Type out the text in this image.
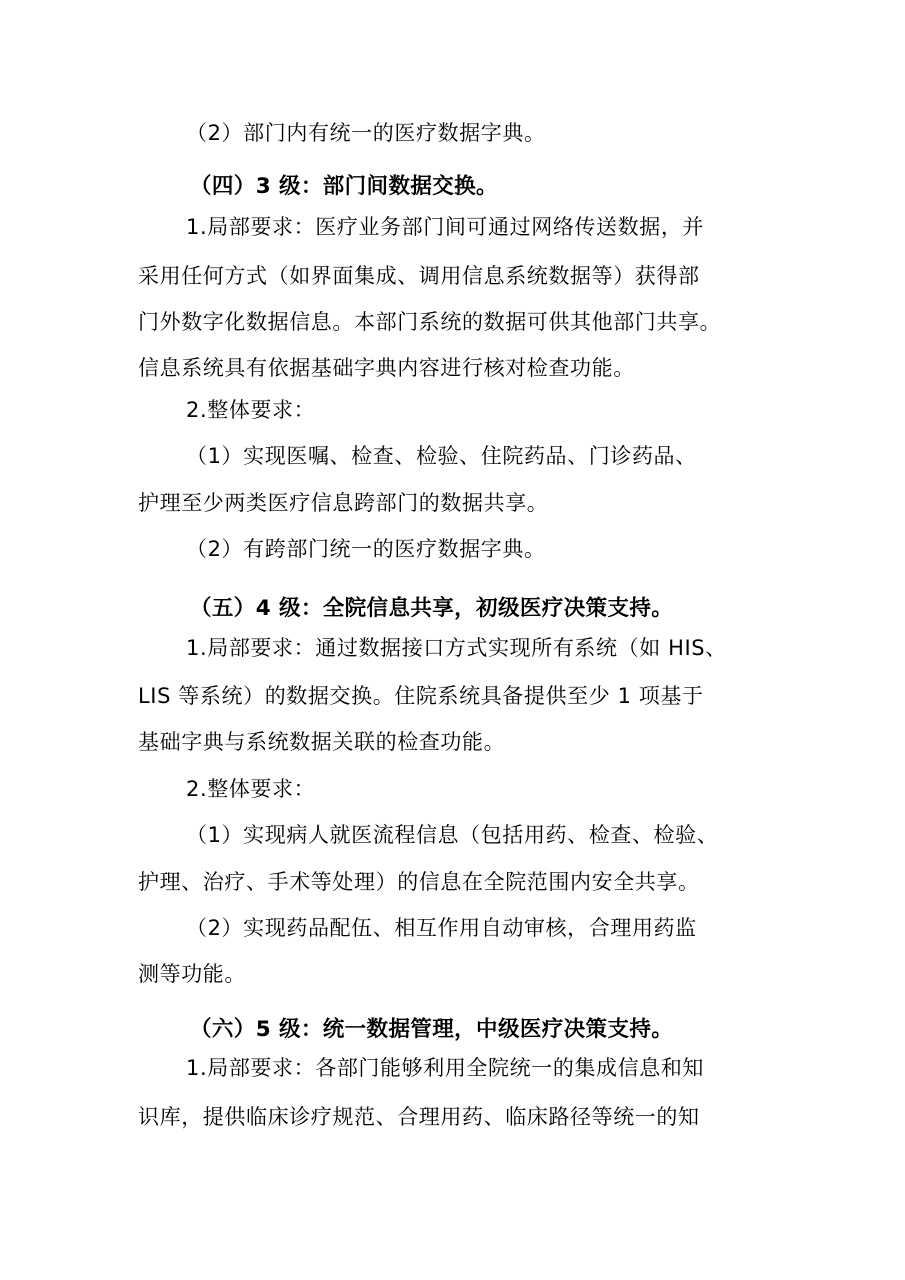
（2）部门内有统一的医疗数据字典。
（四）3 级：部门间数据交换。
1.局部要求：医疗业务部门间可通过网络传送数据，并
采用任何方式（如界面集成、调用信息系统数据等）获得部
门外数字化数据信息。本部门系统的数据可供其他部门共享。
信息系统具有依据基础字典内容进行核对检查功能。
2.整体要求：
（1）实现医嘱、检查、检验、住院药品、门诊药品、
护理至少两类医疗信息跨部门的数据共享。
（2）有跨部门统一的医疗数据字典。
（五）4 级：全院信息共享，初级医疗决策支持。
1.局部要求：通过数据接口方式实现所有系统（如 HIS、
LIS 等系统）的数据交换。住院系统具备提供至少 1 项基于
基础字典与系统数据关联的检查功能。
2.整体要求：
（1）实现病人就医流程信息（包括用药、检查、检验、
护理、治疗、手术等处理）的信息在全院范围内安全共享。
（2）实现药品配伍、相互作用自动审核，合理用药监
测等功能。
（六）5 级：统一数据管理，中级医疗决策支持。
1.局部要求：各部门能够利用全院统一的集成信息和知
识库，提供临床诊疗规范、合理用药、临床路径等统一的知
